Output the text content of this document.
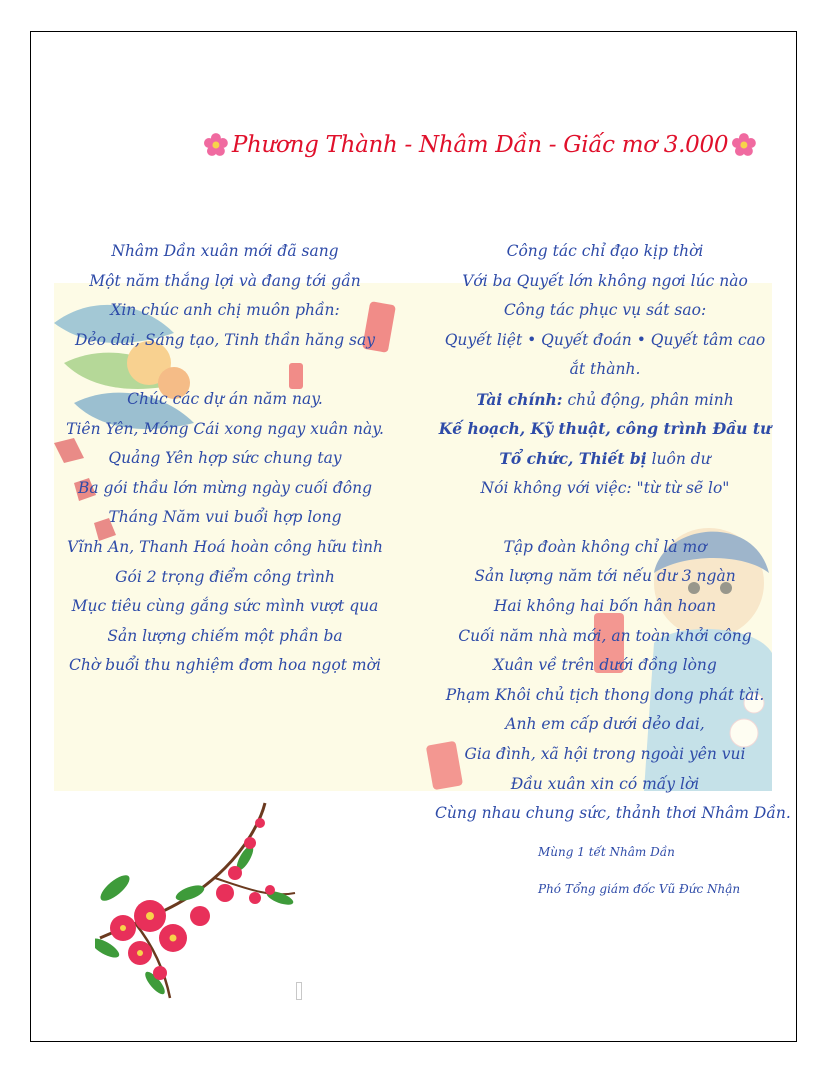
Phương Thành - Nhâm Dần - Giấc mơ 3.000
Nhâm Dần xuân mới đã sang
Một năm thắng lợi và đang tới gần
Xin chúc anh chị muôn phần:
Dẻo dai, Sáng tạo, Tinh thần hăng say
Chúc các dự án năm nay.
Tiên Yên, Móng Cái xong ngay xuân này.
Quảng Yên hợp sức chung tay
Ba gói thầu lớn mừng ngày cuối đông
Tháng Năm vui buổi hợp long
Vĩnh An, Thanh Hoá hoàn công hữu tình
Gói 2 trọng điểm công trình
Mục tiêu cùng gắng sức mình vượt qua
Sản lượng chiếm một phần ba
Chờ buổi thu nghiệm đơm hoa ngọt mời
Công tác chỉ đạo kịp thời
Với ba Quyết lớn không ngơi lúc nào
Công tác phục vụ sát sao:
Quyết liệt • Quyết đoán • Quyết tâm cao ắt thành.
Tài chính: chủ động, phân minh
Kế hoạch, Kỹ thuật, công trình Đầu tư
Tổ chức, Thiết bị luôn dư
Nói không với việc: "từ từ sẽ lo"
Tập đoàn không chỉ là mơ
Sản lượng năm tới nếu dư 3 ngàn
Hai không hai bốn hân hoan
Cuối năm nhà mới, an toàn khởi công
Xuân về trên dưới đồng lòng
Phạm Khôi chủ tịch thong dong phát tài.
Anh em cấp dưới dẻo dai,
Gia đình, xã hội trong ngoài yên vui
Đầu xuân xin có mấy lời
Cùng nhau chung sức, thảnh thơi Nhâm Dần.
Mùng 1 tết Nhâm Dần
Phó Tổng giám đốc Vũ Đức Nhận
